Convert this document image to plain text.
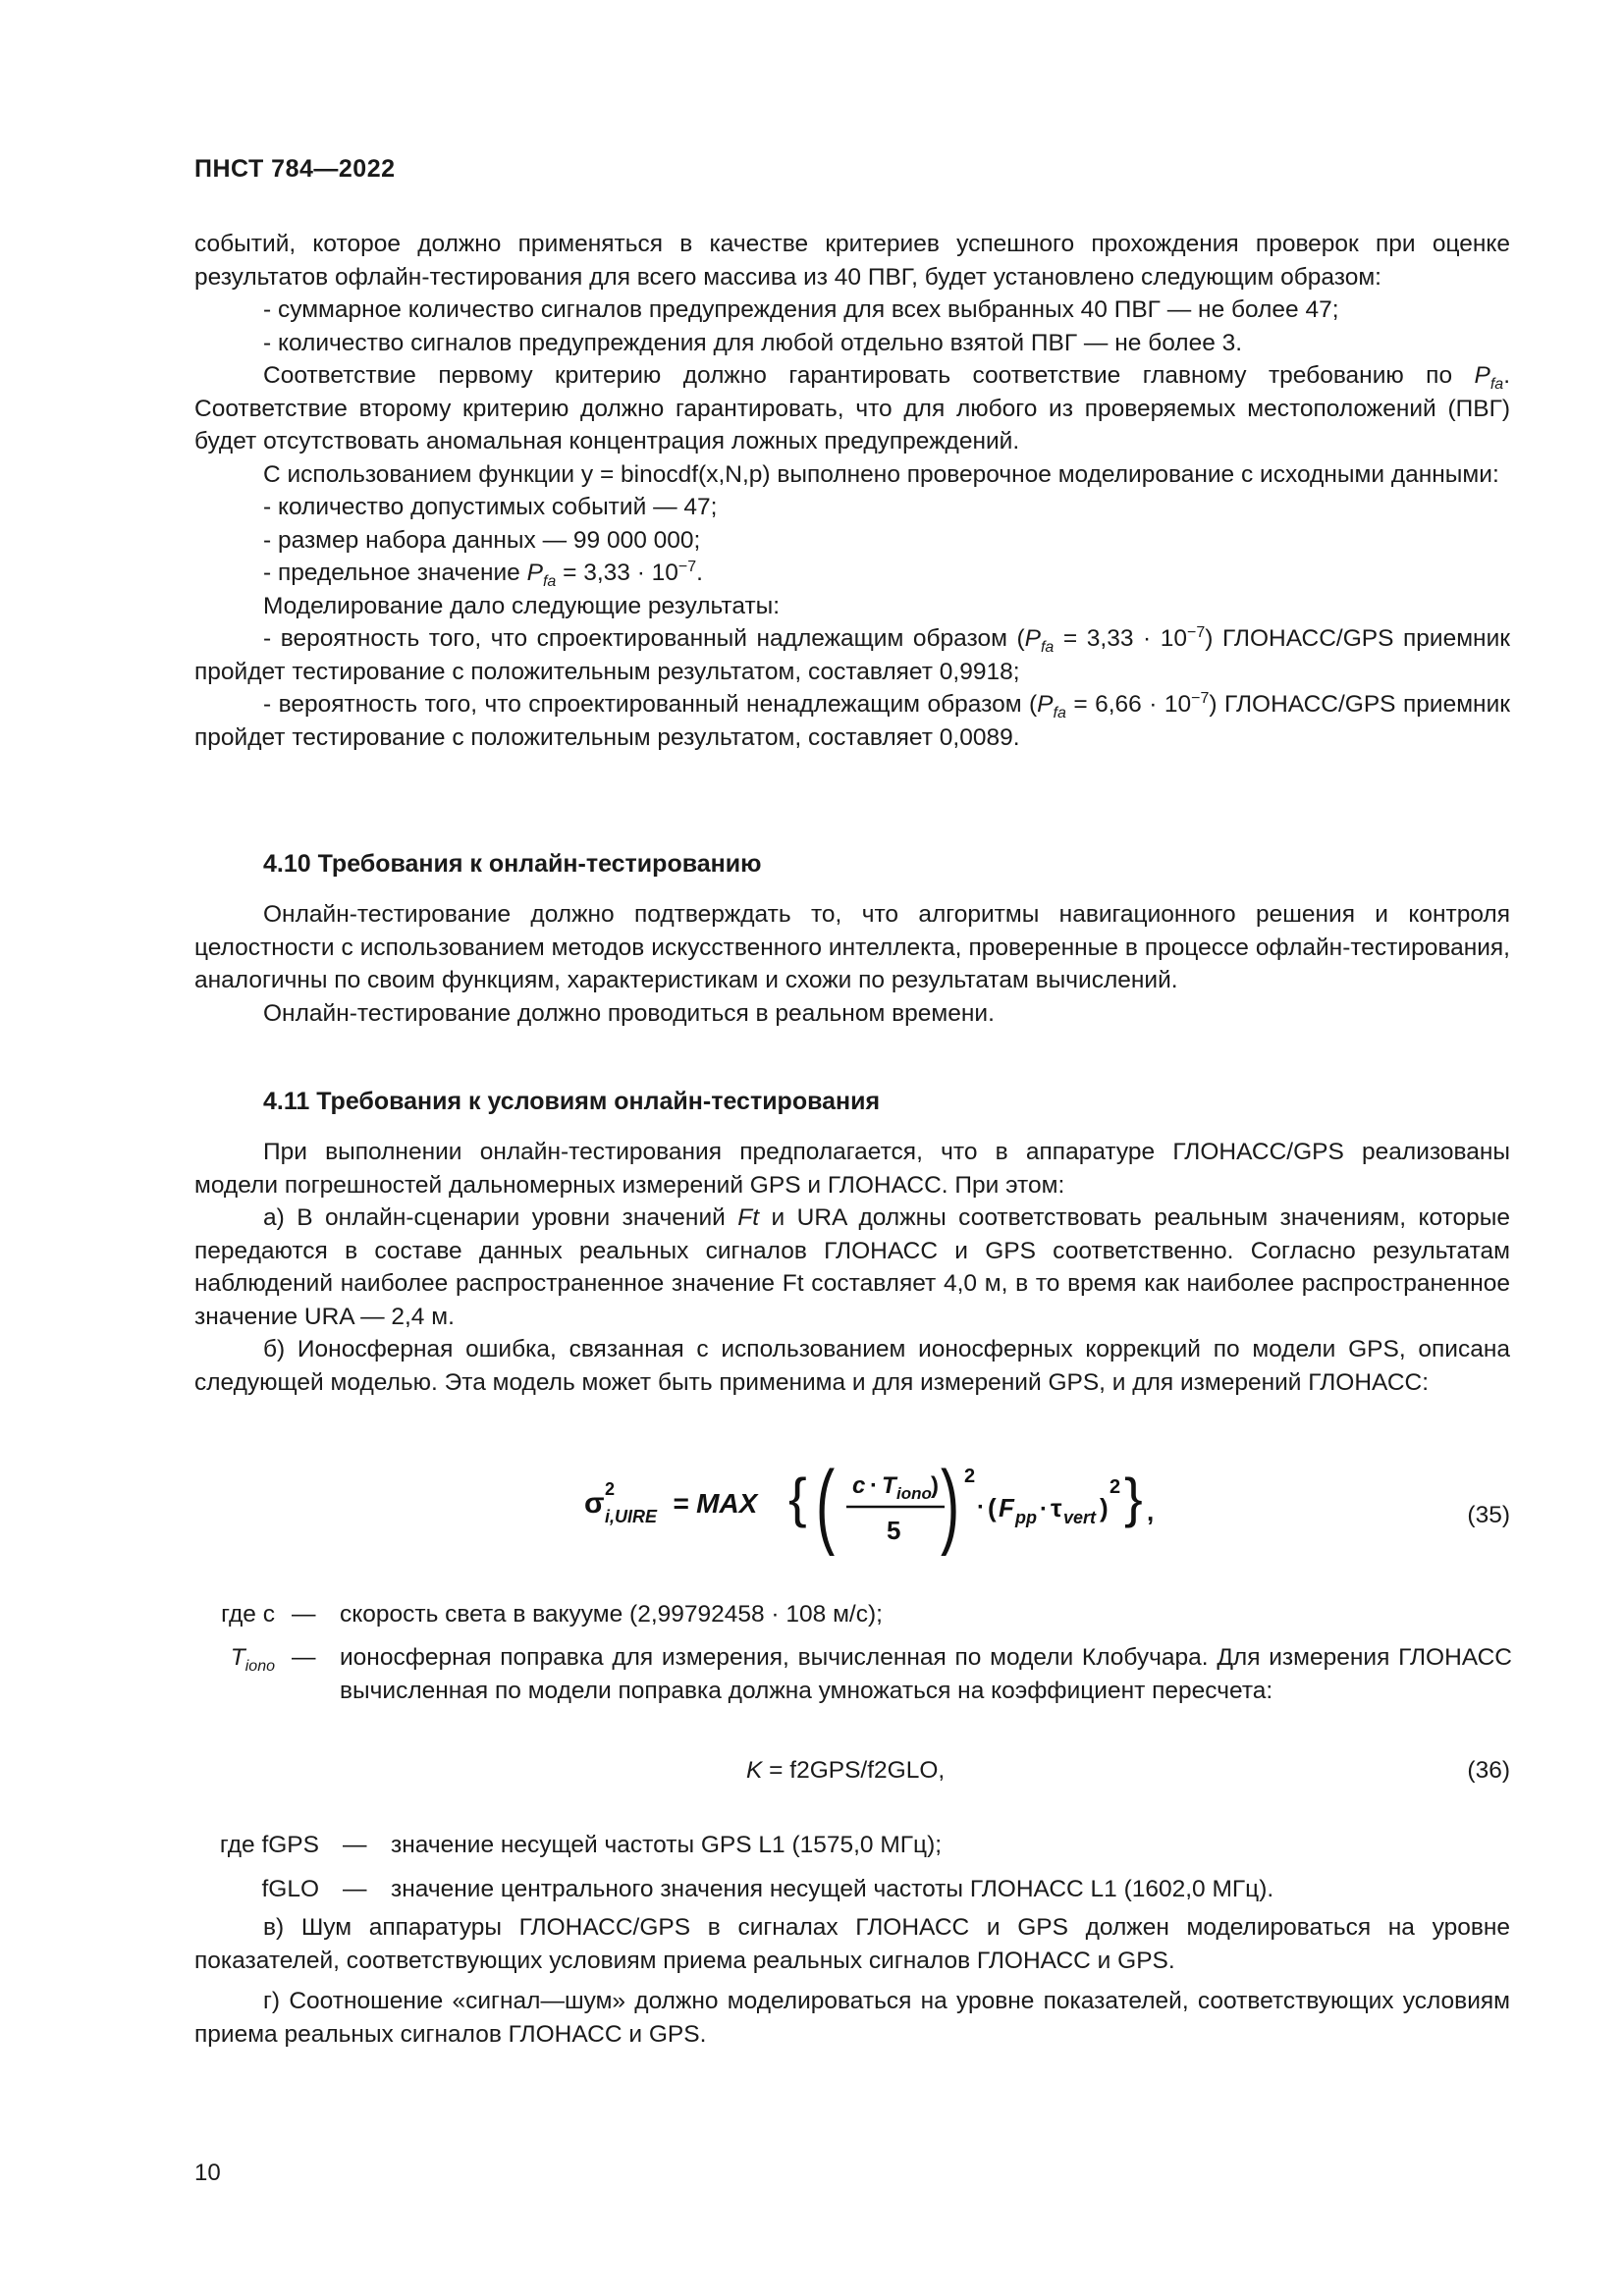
ПНСТ 784—2022

событий, которое должно применяться в качестве критериев успешного прохождения проверок при оценке результатов офлайн-тестирования для всего массива из 40 ПВГ, будет установлено следующим образом:

- суммарное количество сигналов предупреждения для всех выбранных 40 ПВГ — не более 47;

- количество сигналов предупреждения для любой отдельно взятой ПВГ — не более 3.

Соответствие первому критерию должно гарантировать соответствие главному требованию по $P_{fa}$. Соответствие второму критерию должно гарантировать, что для любого из проверяемых местоположений (ПВГ) будет отсутствовать аномальная концентрация ложных предупреждений.

С использованием функции y = binocdf(x,N,p) выполнено проверочное моделирование с исходными данными:

- количество допустимых событий — 47;

- размер набора данных — 99 000 000;

- предельное значение $P_{fa} = 3,33 \cdot 10^{-7}$.

Моделирование дало следующие результаты:

- вероятность того, что спроектированный надлежащим образом $(P_{fa} = 3,33 \cdot 10^{-7})$ ГЛОНАСС/GPS приемник пройдет тестирование с положительным результатом, составляет 0,9918;

- вероятность того, что спроектированный ненадлежащим образом $(P_{fa} = 6,66 \cdot 10^{-7})$ ГЛОНАСС/GPS приемник пройдет тестирование с положительным результатом, составляет 0,0089.

4.10 Требования к онлайн-тестированию

Онлайн-тестирование должно подтверждать то, что алгоритмы навигационного решения и контроля целостности с использованием методов искусственного интеллекта, проверенные в процессе офлайн-тестирования, аналогичны по своим функциям, характеристикам и схожи по результатам вычислений.

Онлайн-тестирование должно проводиться в реальном времени.

4.11 Требования к условиям онлайн-тестирования

При выполнении онлайн-тестирования предполагается, что в аппаратуре ГЛОНАСС/GPS реализованы модели погрешностей дальномерных измерений GPS и ГЛОНАСС. При этом:

а) В онлайн-сценарии уровни значений Ft и URA должны соответствовать реальным значениям, которые передаются в составе данных реальных сигналов ГЛОНАСС и GPS соответственно. Согласно результатам наблюдений наиболее распространенное значение Ft составляет 4,0 м, в то время как наиболее распространенное значение URA — 2,4 м.

б) Ионосферная ошибка, связанная с использованием ионосферных коррекций по модели GPS, описана следующей моделью. Эта модель может быть применима и для измерений GPS, и для измерений ГЛОНАСС:

σ 2
i,UIRE = MAX { ( c · T iono )
5 ) 2
· ( F pp · τ vert )
2 } ,	(35)
где c — скорость света в вакууме (2,99792458 · 108 м/с);
$T_{iono}$ — ионосферная поправка для измерения, вычисленная по модели Клобучара. Для измерения ГЛОНАСС вычисленная по модели поправка должна умножаться на коэффициент пересчета:
K = f2GPS/f2GLO,	(36)
где fGPS — значение несущей частоты GPS L1 (1575,0 МГц);
fGLO — значение центрального значения несущей частоты ГЛОНАСС L1 (1602,0 МГц).

в) Шум аппаратуры ГЛОНАСС/GPS в сигналах ГЛОНАСС и GPS должен моделироваться на уровне показателей, соответствующих условиям приема реальных сигналов ГЛОНАСС и GPS.

г) Соотношение «сигнал—шум» должно моделироваться на уровне показателей, соответствующих условиям приема реальных сигналов ГЛОНАСС и GPS.

10
